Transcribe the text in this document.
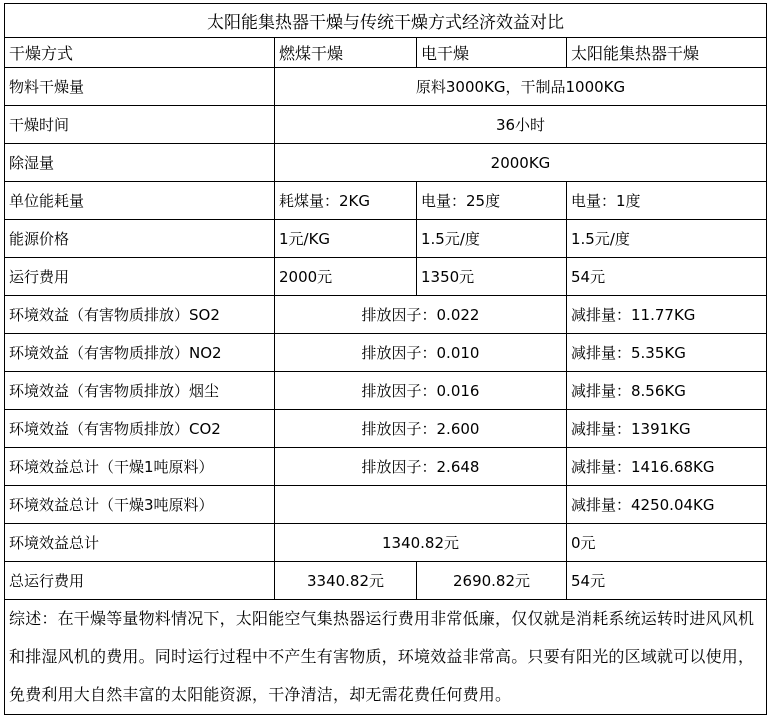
太阳能集热器干燥与传统干燥方式经济效益对比			
干燥方式	燃煤干燥	电干燥	太阳能集热器干燥
物料干燥量	原料3000KG，干制品1000KG		
干燥时间	36小时		
除湿量	2000KG		
单位能耗量	耗煤量：2KG	电量：25度	电量：1度
能源价格	1元/KG	1.5元/度	1.5元/度
运行费用	2000元	1350元	54元
环境效益（有害物质排放）SO2	排放因子：0.022		减排量：11.77KG
环境效益（有害物质排放）NO2	排放因子：0.010		减排量：5.35KG
环境效益（有害物质排放）烟尘	排放因子：0.016		减排量：8.56KG
环境效益（有害物质排放）CO2	排放因子：2.600		减排量：1391KG
环境效益总计（干燥1吨原料）	排放因子：2.648		减排量：1416.68KG
环境效益总计（干燥3吨原料）			减排量：4250.04KG
环境效益总计	1340.82元		0元
总运行费用	3340.82元	2690.82元	54元
综述：在干燥等量物料情况下，太阳能空气集热器运行费用非常低廉，仅仅就是消耗系统运转时进风风机和排湿风机的费用。同时运行过程中不产生有害物质，环境效益非常高。只要有阳光的区域就可以使用，免费利用大自然丰富的太阳能资源，干净清洁，却无需花费任何费用。			
